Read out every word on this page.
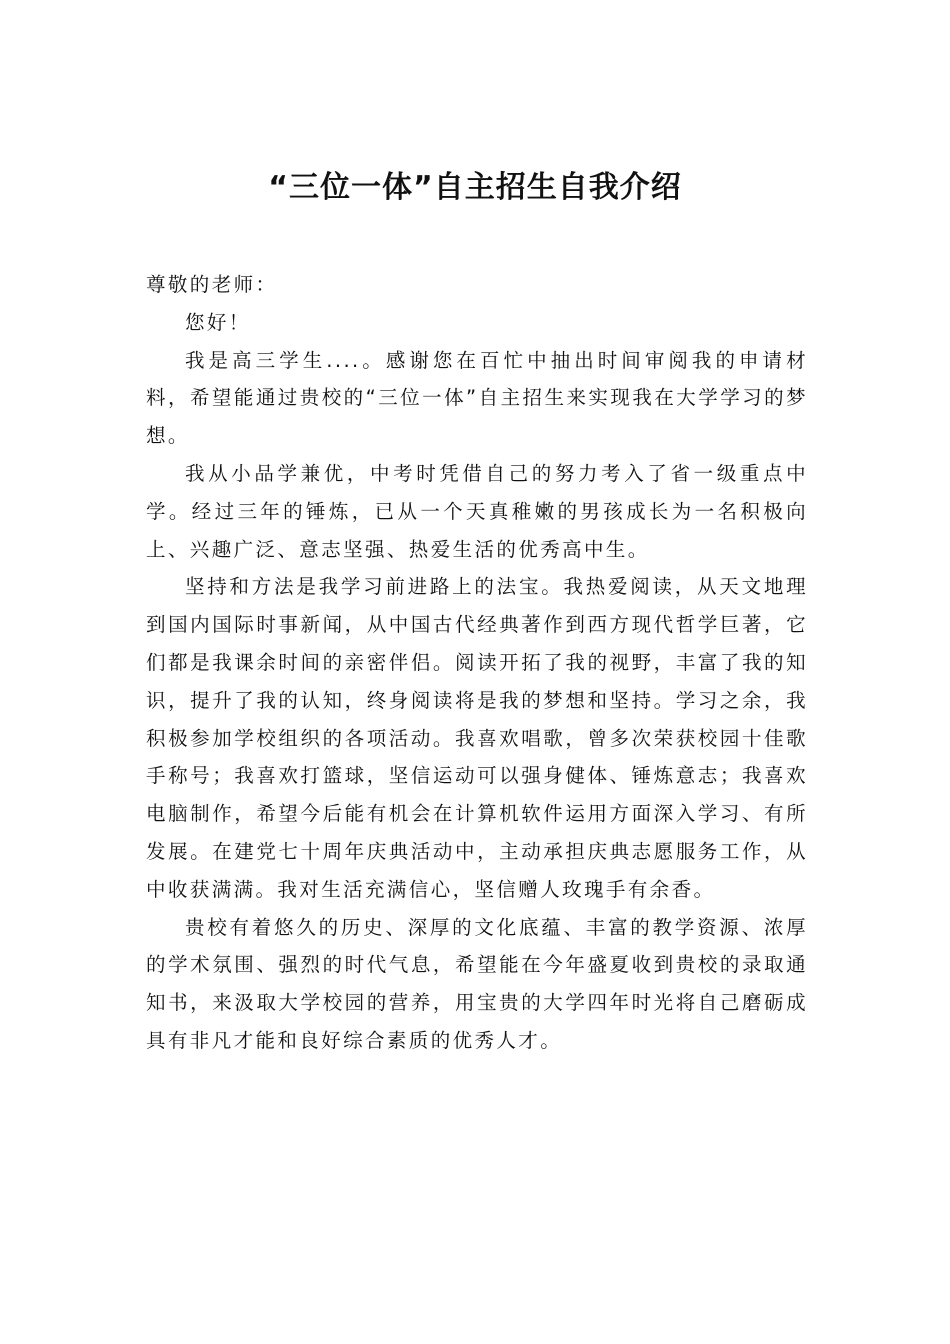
“三位一体”自主招生自我介绍

尊敬的老师：

您好！

我是高三学生....。感谢您在百忙中抽出时间审阅我的申请材料，希望能通过贵校的“三位一体”自主招生来实现我在大学学习的梦想。

我从小品学兼优，中考时凭借自己的努力考入了省一级重点中学。经过三年的锤炼，已从一个天真稚嫩的男孩成长为一名积极向上、兴趣广泛、意志坚强、热爱生活的优秀高中生。

坚持和方法是我学习前进路上的法宝。我热爱阅读，从天文地理到国内国际时事新闻，从中国古代经典著作到西方现代哲学巨著，它们都是我课余时间的亲密伴侣。阅读开拓了我的视野，丰富了我的知识，提升了我的认知，终身阅读将是我的梦想和坚持。学习之余，我积极参加学校组织的各项活动。我喜欢唱歌，曾多次荣获校园十佳歌手称号；我喜欢打篮球，坚信运动可以强身健体、锤炼意志；我喜欢电脑制作，希望今后能有机会在计算机软件运用方面深入学习、有所发展。在建党七十周年庆典活动中，主动承担庆典志愿服务工作，从中收获满满。我对生活充满信心，坚信赠人玫瑰手有余香。

贵校有着悠久的历史、深厚的文化底蕴、丰富的教学资源、浓厚的学术氛围、强烈的时代气息，希望能在今年盛夏收到贵校的录取通知书，来汲取大学校园的营养，用宝贵的大学四年时光将自己磨砺成具有非凡才能和良好综合素质的优秀人才。
